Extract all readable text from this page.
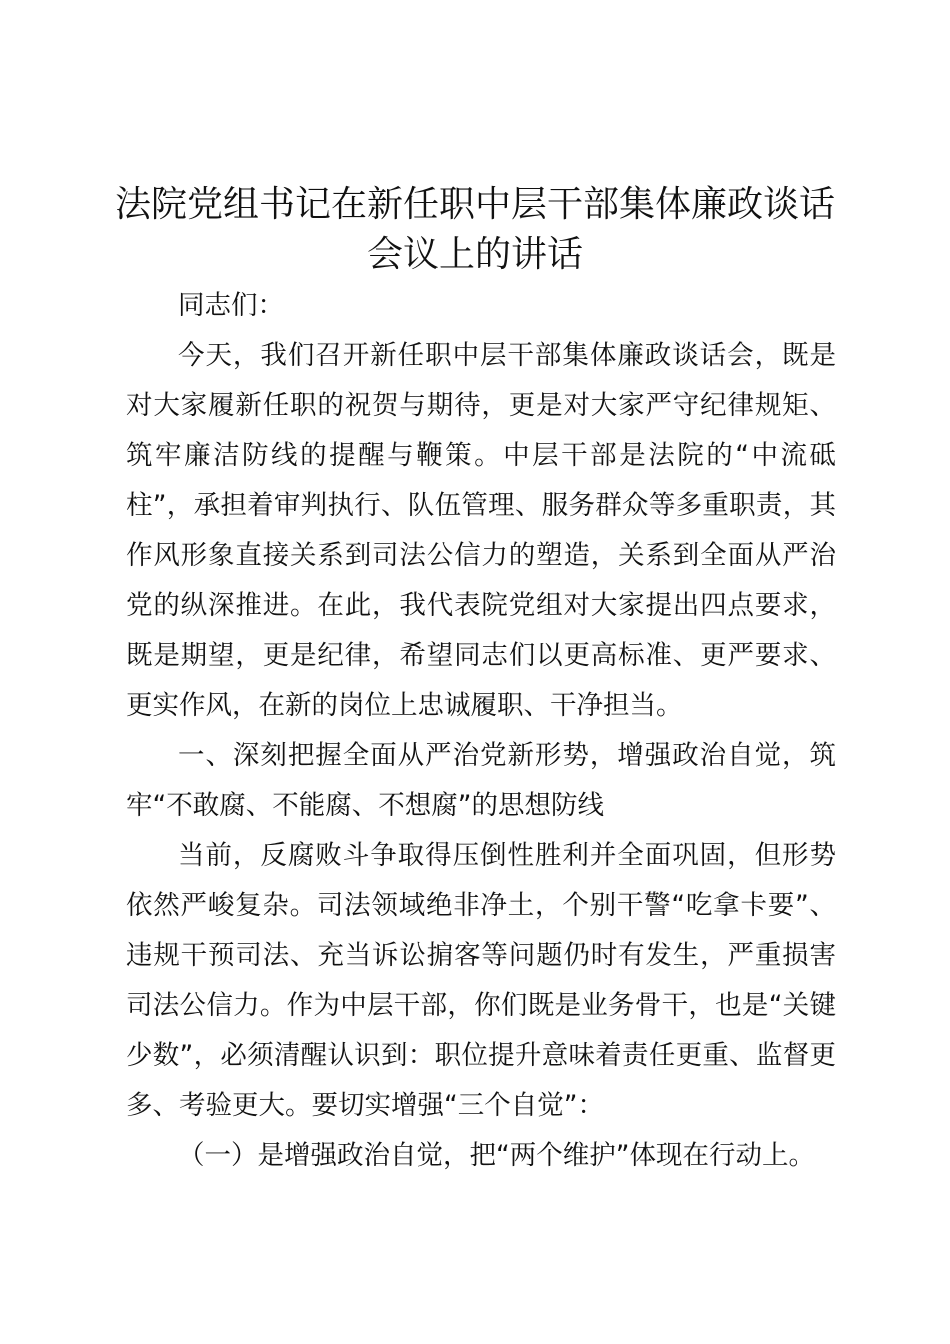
法院党组书记在新任职中层干部集体廉政谈话
会议上的讲话

同志们：

今天，我们召开新任职中层干部集体廉政谈话会，既是对大家履新任职的祝贺与期待，更是对大家严守纪律规矩、筑牢廉洁防线的提醒与鞭策。中层干部是法院的“中流砥柱”，承担着审判执行、队伍管理、服务群众等多重职责，其作风形象直接关系到司法公信力的塑造，关系到全面从严治党的纵深推进。在此，我代表院党组对大家提出四点要求，既是期望，更是纪律，希望同志们以更高标准、更严要求、更实作风，在新的岗位上忠诚履职、干净担当。

一、深刻把握全面从严治党新形势，增强政治自觉，筑牢“不敢腐、不能腐、不想腐”的思想防线

当前，反腐败斗争取得压倒性胜利并全面巩固，但形势依然严峻复杂。司法领域绝非净土，个别干警“吃拿卡要”、违规干预司法、充当诉讼掮客等问题仍时有发生，严重损害司法公信力。作为中层干部，你们既是业务骨干，也是“关键少数”，必须清醒认识到：职位提升意味着责任更重、监督更多、考验更大。要切实增强“三个自觉”：

（一）是增强政治自觉，把“两个维护”体现在行动上。
